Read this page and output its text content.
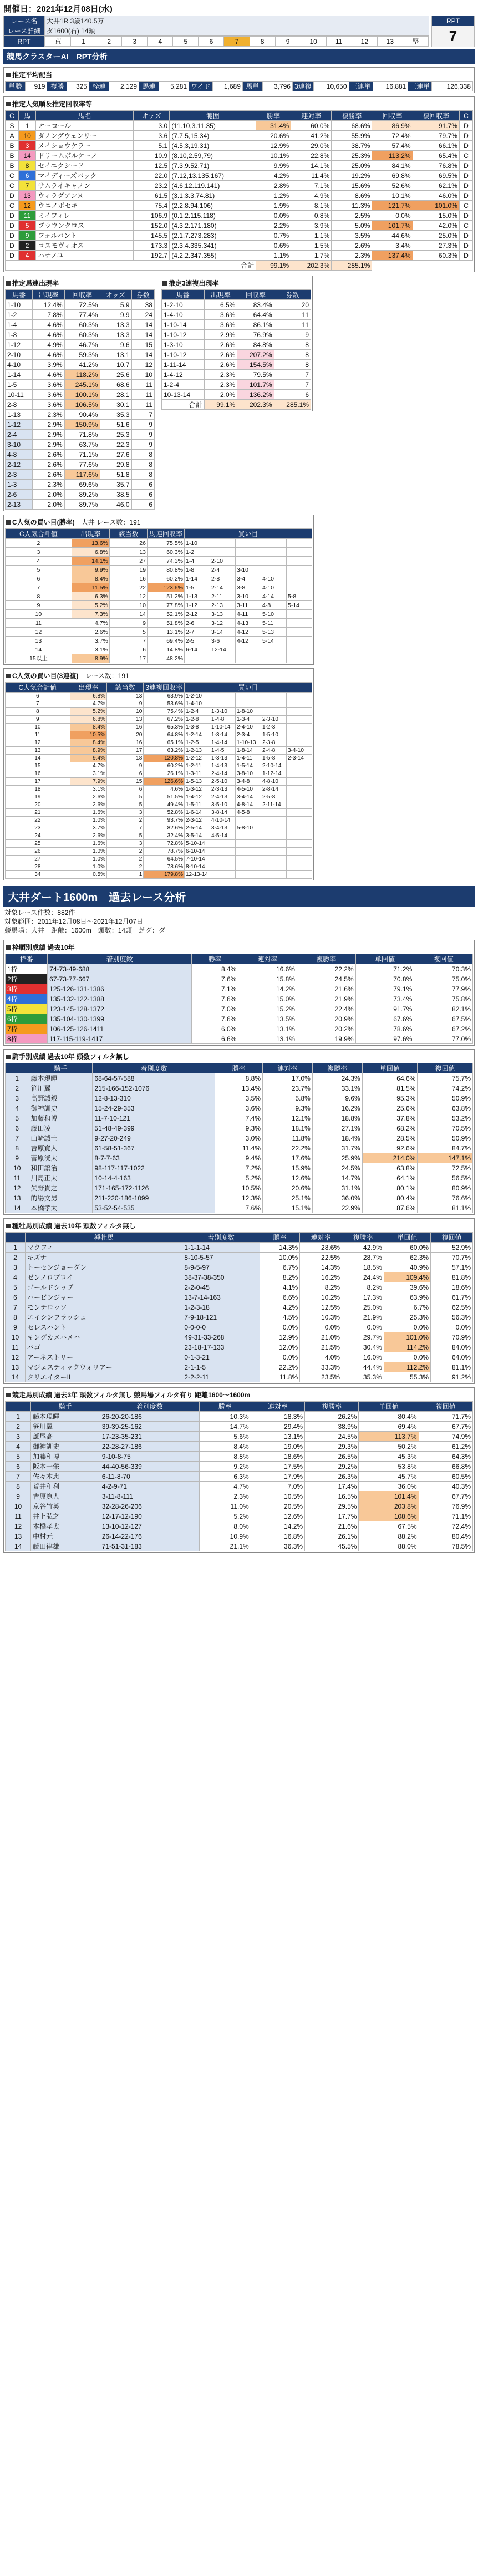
開催日：2021年12月08日(水)
レース名	大井1R 3歳140.5万
レース詳細	ダ1600(右) 14頭
RPT		荒	1	2	3	4	5	6	7	8	9	10	11	12	13	堅
RPT
7
競馬クラスターAI　 RPT分析
推定平均配当
単勝	919	複勝	325	枠連	2,129	馬連	5,281	ワイド	1,689	馬単	3,796	3連複	10,650	三連単	16,881	三連単	126,338
推定人気順＆推定回収率等
C	馬	馬名	オッズ	範囲	勝率	連対率	複勝率	回収率	複回収率	C
S	1	オーロール	3.0	(11.10,3.11.35)	31.4%	60.0%	68.6%	86.9%	91.7%	D
A	10	ダノングウェンリー	3.6	(7.7.5,15.34)	20.6%	41.2%	55.9%	72.4%	79.7%	D
B	3	メイショウケラー	5.1	(4.5,3,19.31)	12.9%	29.0%	38.7%	57.4%	66.1%	D
B	14	ドリームボルケーノ	10.9	(8.10,2.59,79)	10.1%	22.8%	25.3%	113.2%	65.4%	C
B	8	セイエクシード	12.5	(7.3,9.52.71)	9.9%	14.1%	25.0%	84.1%	76.8%	D
C	6	マイディーズバック	22.0	(7.12,13.135.167)	4.2%	11.4%	19.2%	69.8%	69.5%	D
C	7	サムライキャノン	23.2	(4.6,12.119.141)	2.8%	7.1%	15.6%	52.6%	62.1%	D
D	13	ウィラグアンヌ	61.5	(3.1,3.3,74.81)	1.2%	4.9%	8.6%	10.1%	46.0%	D
C	12	ウニノボセキ	75.4	(2.2.8.94.106)	1.9%	8.1%	11.3%	121.7%	101.0%	C
D	11	ミイフィレ	106.9	(0.1.2.115.118)	0.0%	0.8%	2.5%	0.0%	15.0%	D
D	5	ブラウンクロス	152.0	(4.3.2.171.180)	2.2%	3.9%	5.0%	101.7%	42.0%	C
D	9	フォルバント	145.5	(2.1.7.273.283)	0.7%	1.1%	3.5%	44.6%	25.0%	D
D	2	コスモヴィオス	173.3	(2.3.4.335.341)	0.6%	1.5%	2.6%	3.4%	27.3%	D
D	4	ハナノユ	192.7	(4.2.2.347.355)	1.1%	1.7%	2.3%	137.4%	60.3%	D
合計					99.1%	202.3%	285.1%			
推定馬連出現率
馬番	出現率	回収率	オッズ	券数
1-10	12.4%	72.5%	5.9	38
1-2	7.8%	77.4%	9.9	24
1-4	4.6%	60.3%	13.3	14
1-8	4.6%	60.3%	13.3	14
1-12	4.9%	46.7%	9.6	15
2-10	4.6%	59.3%	13.1	14
4-10	3.9%	41.2%	10.7	12
1-14	4.6%	118.2%	25.6	10
1-5	3.6%	245.1%	68.6	11
10-11	3.6%	100.1%	28.1	11
2-8	3.6%	106.5%	30.1	11
1-13	2.3%	90.4%	35.3	7
1-12	2.9%	150.9%	51.6	9
2-4	2.9%	71.8%	25.3	9
3-10	2.9%	63.7%	22.3	9
4-8	2.6%	71.1%	27.6	8
2-12	2.6%	77.6%	29.8	8
2-3	2.6%	117.6%	51.8	8
1-3	2.3%	69.6%	35.7	6
2-6	2.0%	89.2%	38.5	6
2-13	2.0%	89.7%	46.0	6
推定3連複出現率
馬番	出現率	回収率	券数
1-2-10	6.5%	83.4%	20
1-4-10	3.6%	64.4%	11
1-10-14	3.6%	86.1%	11
1-10-12	2.9%	76.9%	9
1-3-10	2.6%	84.8%	8
1-10-12	2.6%	207.2%	8
1-11-14	2.6%	154.5%	8
1-4-12	2.3%	79.5%	7
1-2-4	2.3%	101.7%	7
10-13-14	2.0%	136.2%	6
合計	99.1%	202.3%	285.1%
C人気の買い目(勝率)　 大井 レース数：191
C人気合計値	出現率	該当数	馬連回収率	買い目				
2	13.6%	26	75.5%	1-10				
3	6.8%	13	60.3%	1-2				
4	14.1%	27	74.3%	1-4	2-10			
5	9.9%	19	80.8%	1-8	2-4	3-10		
6	8.4%	16	60.2%	1-14	2-8	3-4	4-10	
7	11.5%	22	123.6%	1-5	2-14	3-8	4-10	
8	6.3%	12	51.2%	1-13	2-11	3-10	4-14	5-8
9	5.2%	10	77.8%	1-12	2-13	3-11	4-8	5-14
10	7.3%	14	52.1%	2-12	3-13	4-11	5-10	
11	4.7%	9	51.8%	2-6	3-12	4-13	5-11	
12	2.6%	5	13.1%	2-7	3-14	4-12	5-13	
13	3.7%	7	69.4%	2-5	3-6	4-12	5-14	
14	3.1%	6	14.8%	6-14	12-14			
15以上	8.9%	17	48.2%					
C人気の買い目(3連複)　 レース数：191
C人気合計値	出現率	該当数	3連複回収率	買い目				
6	6.8%	13	63.9%	1-2-10				
7	4.7%	9	53.6%	1-4-10				
8	5.2%	10	75.4%	1-2-4	1-3-10	1-8-10		
9	6.8%	13	67.2%	1-2-8	1-4-8	1-3-4	2-3-10	
10	8.4%	16	65.3%	1-3-8	1-10-14	2-4-10	1-2-3	
11	10.5%	20	64.8%	1-2-14	1-3-14	2-3-4	1-5-10	
12	8.4%	16	65.1%	1-2-5	1-4-14	1-10-13	2-3-8	
13	8.9%	17	63.2%	1-2-13	1-4-5	1-8-14	2-4-8	3-4-10
14	9.4%	18	120.8%	1-2-12	1-3-13	1-4-11	1-5-8	2-3-14
15	4.7%	9	60.2%	1-2-11	1-4-13	1-5-14	2-10-14	
16	3.1%	6	26.1%	1-3-11	2-4-14	3-8-10	1-12-14	
17	7.9%	15	126.6%	1-5-13	2-5-10	3-4-8	4-8-10	
18	3.1%	6	4.6%	1-3-12	2-3-13	4-5-10	2-8-14	
19	2.6%	5	51.5%	1-4-12	2-4-13	3-4-14	2-5-8	
20	2.6%	5	49.4%	1-5-11	3-5-10	4-8-14	2-11-14	
21	1.6%	3	52.8%	1-6-14	3-8-14	4-5-8		
22	1.0%	2	93.7%	2-3-12	4-10-14			
23	3.7%	7	82.6%	2-5-14	3-4-13	5-8-10		
24	2.6%	5	32.4%	3-5-14	4-5-14			
25	1.6%	3	72.8%	5-10-14				
26	1.0%	2	78.7%	6-10-14				
27	1.0%	2	64.5%	7-10-14				
28	1.0%	2	78.6%	8-10-14				
34	0.5%	1	179.8%	12-13-14				
大井ダート1600m　過去レース分析
対象レース件数：882件
対象範囲：2011年12月08日〜2021年12月07日
競馬場：大井　距離：1600m　頭数：14頭　芝ダ：ダ
枠順別成績 過去10年
枠番	着別度数	勝率	連対率	複勝率	単回値	複回値
1枠	74-73-49-688	8.4%	16.6%	22.2%	71.2%	70.3%
2枠	67-73-77-667	7.6%	15.8%	24.5%	70.8%	75.0%
3枠	125-126-131-1386	7.1%	14.2%	21.6%	79.1%	77.9%
4枠	135-132-122-1388	7.6%	15.0%	21.9%	73.4%	75.8%
5枠	123-145-128-1372	7.0%	15.2%	22.4%	91.7%	82.1%
6枠	135-104-130-1399	7.6%	13.5%	20.9%	67.6%	67.5%
7枠	106-125-126-1411	6.0%	13.1%	20.2%	78.6%	67.2%
8枠	117-115-119-1417	6.6%	13.1%	19.9%	97.6%	77.0%
騎手別成績 過去10年 頭数フィルタ無し
	騎手	着別度数	勝率	連対率	複勝率	単回値	複回値
1	藤本現暉	68-64-57-588	8.8%	17.0%	24.3%	64.6%	75.7%
2	笹川翼	215-166-152-1076	13.4%	23.7%	33.1%	81.5%	74.2%
3	高野誠毅	12-8-13-310	3.5%	5.8%	9.6%	95.3%	50.9%
4	御神訓史	15-24-29-353	3.6%	9.3%	16.2%	25.6%	63.8%
5	加藤和博	11-7-10-121	7.4%	12.1%	18.8%	37.8%	53.2%
6	藤田凌	51-48-49-399	9.3%	18.1%	27.1%	68.2%	70.5%
7	山崎誠士	9-27-20-249	3.0%	11.8%	18.4%	28.5%	50.9%
8	吉原寛人	61-58-51-367	11.4%	22.2%	31.7%	92.6%	84.7%
9	菅原洸太	8-7-7-63	9.4%	17.6%	25.9%	214.0%	147.1%
10	和田譲治	98-117-117-1022	7.2%	15.9%	24.5%	63.8%	72.5%
11	川島正太	10-14-4-163	5.2%	12.6%	14.7%	64.1%	56.5%
12	矢野貴之	171-165-172-1126	10.5%	20.6%	31.1%	80.1%	80.9%
13	的場文男	211-220-186-1099	12.3%	25.1%	36.0%	80.4%	76.6%
14	本橋孝太	53-52-54-535	7.6%	15.1%	22.9%	87.6%	81.1%
種牡馬別成績 過去10年 頭数フィルタ無し
	種牡馬	着別度数	勝率	連対率	複勝率	単回値	複回値
1	マクフィ	1-1-1-14	14.3%	28.6%	42.9%	60.0%	52.9%
2	キズナ	8-10-5-57	10.0%	22.5%	28.7%	62.3%	70.7%
3	トーセンジョーダン	8-9-5-97	6.7%	14.3%	18.5%	40.9%	57.1%
4	ゼンノロブロイ	38-37-38-350	8.2%	16.2%	24.4%	109.4%	81.8%
5	ゴールドシップ	2-2-0-45	4.1%	8.2%	8.2%	39.6%	18.6%
6	ハービンジャー	13-7-14-163	6.6%	10.2%	17.3%	63.9%	61.7%
7	モンテロッソ	1-2-3-18	4.2%	12.5%	25.0%	6.7%	62.5%
8	エイシンフラッシュ	7-9-18-121	4.5%	10.3%	21.9%	25.3%	56.3%
9	セレスハント	0-0-0-0	0.0%	0.0%	0.0%	0.0%	0.0%
10	キングカメハメハ	49-31-33-268	12.9%	21.0%	29.7%	101.0%	70.9%
11	バゴ	23-18-17-133	12.0%	21.5%	30.4%	114.2%	84.0%
12	アーネストリー	0-1-3-21	0.0%	4.0%	16.0%	0.0%	64.0%
13	マジェスティックウォリアー	2-1-1-5	22.2%	33.3%	44.4%	112.2%	81.1%
14	クリエイターII	2-2-2-11	11.8%	23.5%	35.3%	55.3%	91.2%
競走馬別成績 過去3年 頭数フィルタ無し 競馬場フィルタ有り 距離1600〜1600m
	騎手	着別度数	勝率	連対率	複勝率	単回値	複回値
1	藤本現暉	26-20-20-186	10.3%	18.3%	26.2%	80.4%	71.7%
2	笹川翼	39-39-25-162	14.7%	29.4%	38.9%	69.4%	67.7%
3	蘆尾高	17-23-35-231	5.6%	13.1%	24.5%	113.7%	74.9%
4	御神訓史	22-28-27-186	8.4%	19.0%	29.3%	50.2%	61.2%
5	加藤和博	9-10-8-75	8.8%	18.6%	26.5%	45.3%	64.3%
6	阪本一栄	44-40-56-339	9.2%	17.5%	29.2%	53.8%	66.8%
7	佐々木忠	6-11-8-70	6.3%	17.9%	26.3%	45.7%	60.5%
8	荒井和利	4-2-9-71	4.7%	7.0%	17.4%	36.0%	40.3%
9	吉原寛人	3-11-8-111	2.3%	10.5%	16.5%	101.4%	67.7%
10	京谷竹英	32-28-26-206	11.0%	20.5%	29.5%	203.8%	76.9%
11	井上弘之	12-17-12-190	5.2%	12.6%	17.7%	108.6%	71.1%
12	本橋孝太	13-10-12-127	8.0%	14.2%	21.6%	67.5%	72.4%
13	中村元	26-14-22-176	10.9%	16.8%	26.1%	88.2%	80.4%
14	藤田律雄	71-51-31-183	21.1%	36.3%	45.5%	88.0%	78.5%
